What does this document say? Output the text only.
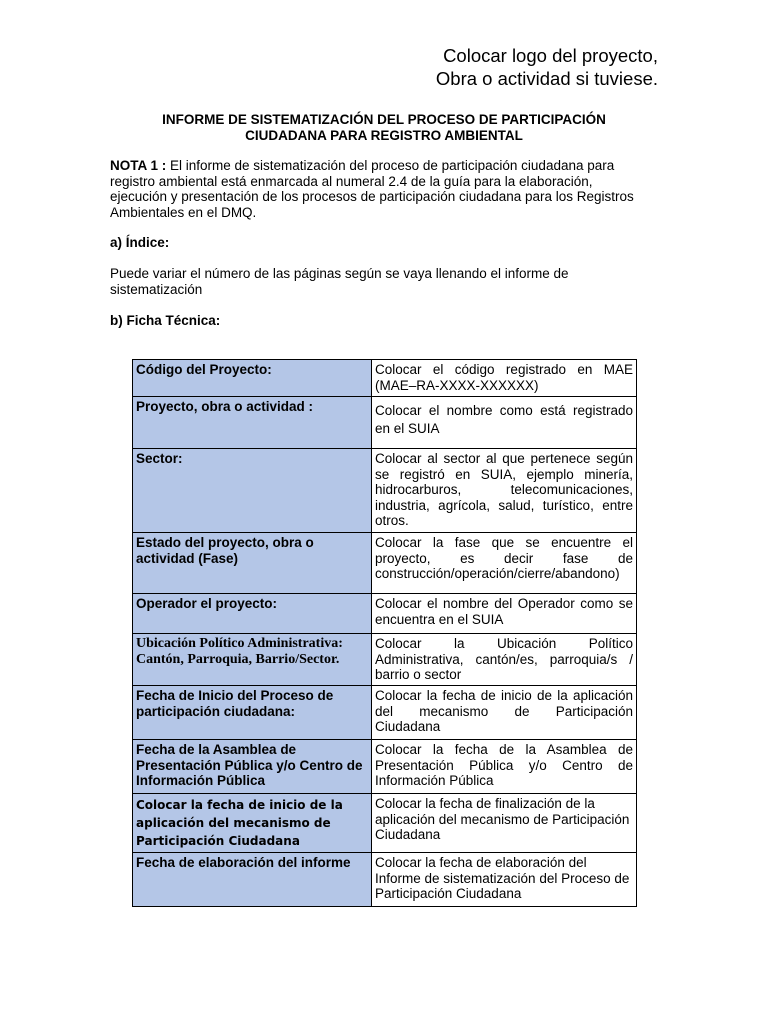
Colocar logo del proyecto,
Obra o actividad si tuviese.
INFORME DE SISTEMATIZACIÓN DEL PROCESO DE PARTICIPACIÓN
CIUDADANA PARA REGISTRO AMBIENTAL
NOTA 1 : El informe de sistematización del proceso de participación ciudadana para registro ambiental está enmarcada al numeral 2.4 de la guía para la elaboración, ejecución y presentación de los procesos de participación ciudadana para los Registros Ambientales en el DMQ.
a) Índice:
Puede variar el número de las páginas según se vaya llenando el informe de sistematización
b) Ficha Técnica:
Código del Proyecto:	Colocar el código registrado en MAE (MAE–RA-XXXX-XXXXXX)
Proyecto, obra o actividad :	Colocar el nombre como está registrado en el SUIA
Sector:	Colocar al sector al que pertenece según se registró en SUIA, ejemplo minería, hidrocarburos, telecomunicaciones, industria, agrícola, salud, turístico, entre otros.
Estado del proyecto, obra o actividad (Fase)	Colocar la fase que se encuentre el proyecto, es decir fase de construcción/operación/cierre/abandono)
Operador el proyecto:	Colocar el nombre del Operador como se encuentra en el SUIA
Ubicación Político Administrativa: Cantón, Parroquia, Barrio/Sector.	Colocar la Ubicación Político Administrativa, cantón/es, parroquia/s / barrio o sector
Fecha de Inicio del Proceso de participación ciudadana:	Colocar la fecha de inicio de la aplicación del mecanismo de Participación Ciudadana
Fecha de la Asamblea de Presentación Pública y/o Centro de Información Pública	Colocar la fecha de la Asamblea de Presentación Pública y/o Centro de Información Pública
Colocar la fecha de inicio de la aplicación del mecanismo de Participación Ciudadana	Colocar la fecha de finalización de la aplicación del mecanismo de Participación Ciudadana
Fecha de elaboración del informe	Colocar la fecha de elaboración del Informe de sistematización del Proceso de Participación Ciudadana
